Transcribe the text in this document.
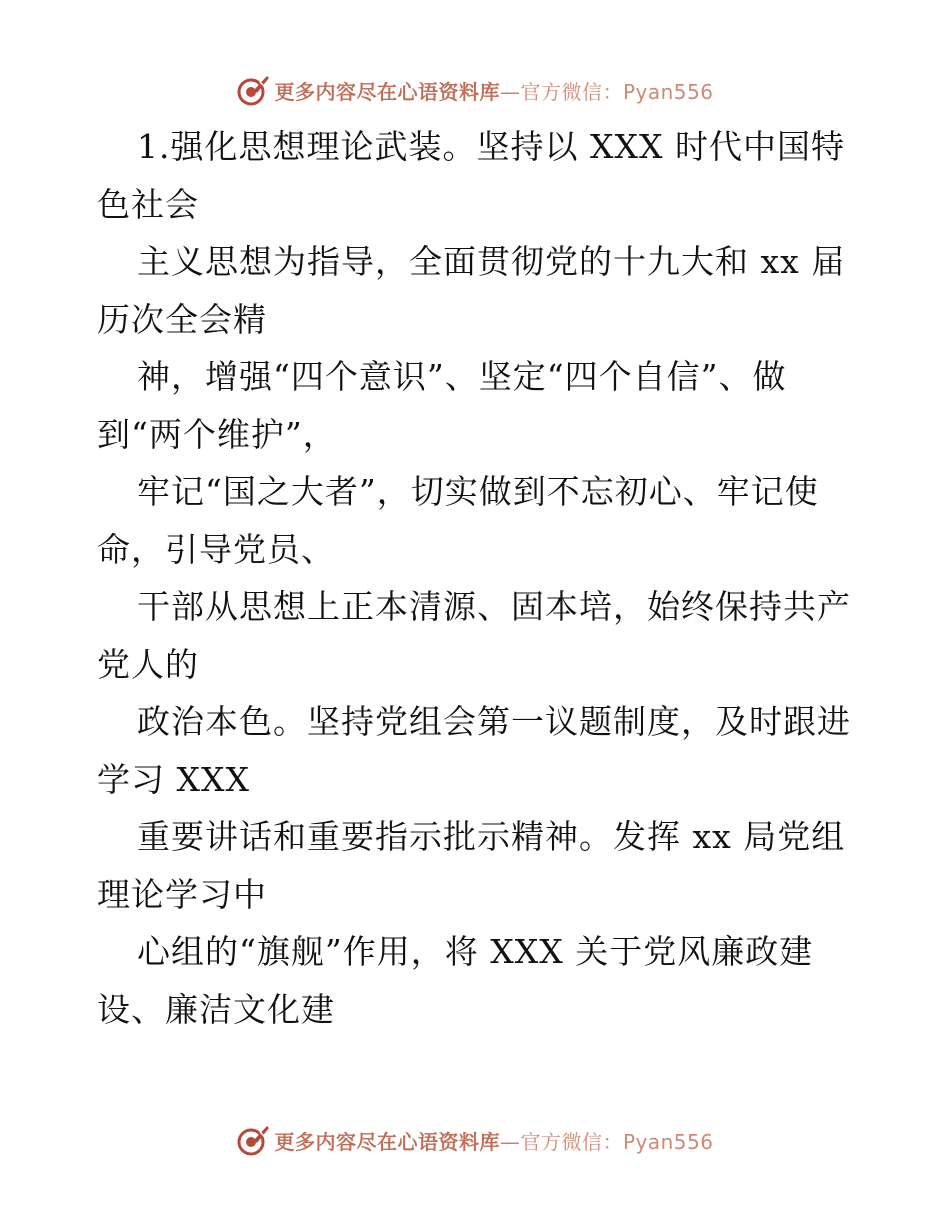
更多内容尽在心语资料库—官方微信：Pyan556
1.强化思想理论武装。坚持以 XXX 时代中国特
色社会
主义思想为指导，全面贯彻党的十九大和 xx 届
历次全会精
神，增强“四个意识”、坚定“四个自信”、做
到“两个维护”，
牢记“国之大者”，切实做到不忘初心、牢记使
命，引导党员、
干部从思想上正本清源、固本培，始终保持共产
党人的
政治本色。坚持党组会第一议题制度，及时跟进
学习 XXX
重要讲话和重要指示批示精神。发挥 xx 局党组
理论学习中
心组的“旗舰”作用，将 XXX 关于党风廉政建
设、廉洁文化建
更多内容尽在心语资料库—官方微信：Pyan556
